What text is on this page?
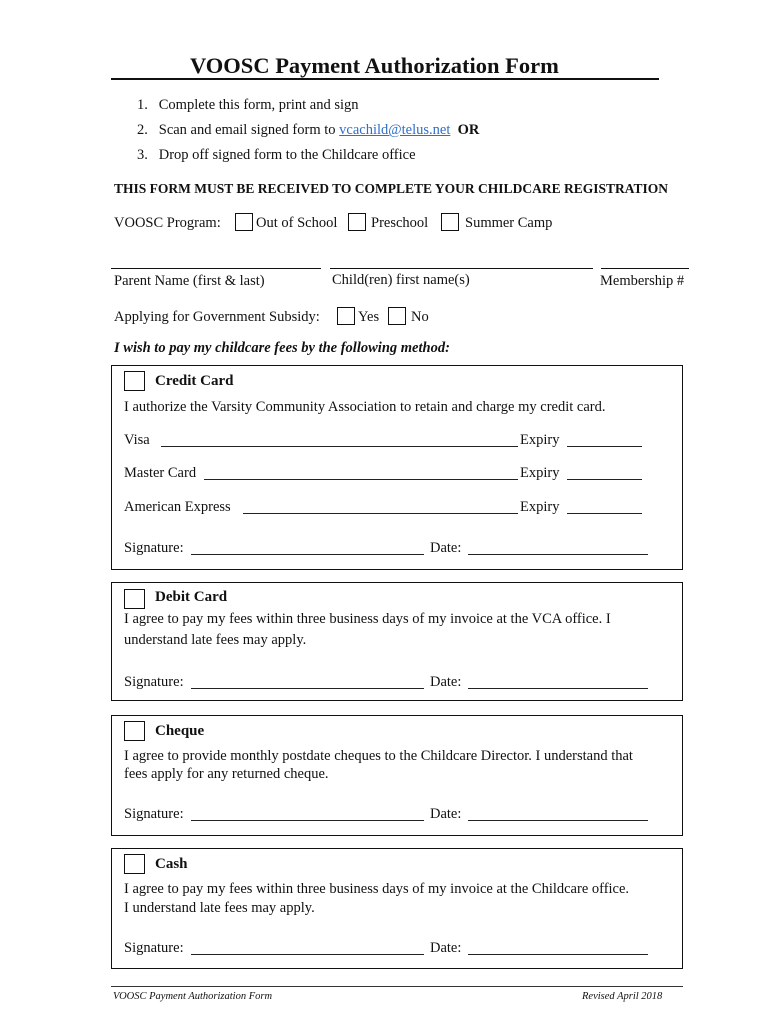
VOOSC Payment Authorization Form
1. Complete this form, print and sign
2. Scan and email signed form to vcachild@telus.net OR
3. Drop off signed form to the Childcare office
THIS FORM MUST BE RECEIVED TO COMPLETE YOUR CHILDCARE REGISTRATION
VOOSC Program: Out of School Preschool	Summer Camp
Parent Name (first & last)	Child(ren) first name(s)	Membership #
Applying for Government Subsidy:	Yes No
I wish to pay my childcare fees by the following method:
Credit Card
I authorize the Varsity Community Association to retain and charge my credit card.
Visa	Expiry
Master Card	Expiry
American Express	Expiry
Signature:	Date:
Debit Card
I agree to pay my fees within three business days of my invoice at the VCA office. I
understand late fees may apply.
Signature:	Date:
Cheque
I agree to provide monthly postdate cheques to the Childcare Director. I understand that
fees apply for any returned cheque.
Signature:	Date:
Cash
I agree to pay my fees within three business days of my invoice at the Childcare office.
I understand late fees may apply.
Signature:	Date:
VOOSC Payment Authorization Form	Revised April 2018
